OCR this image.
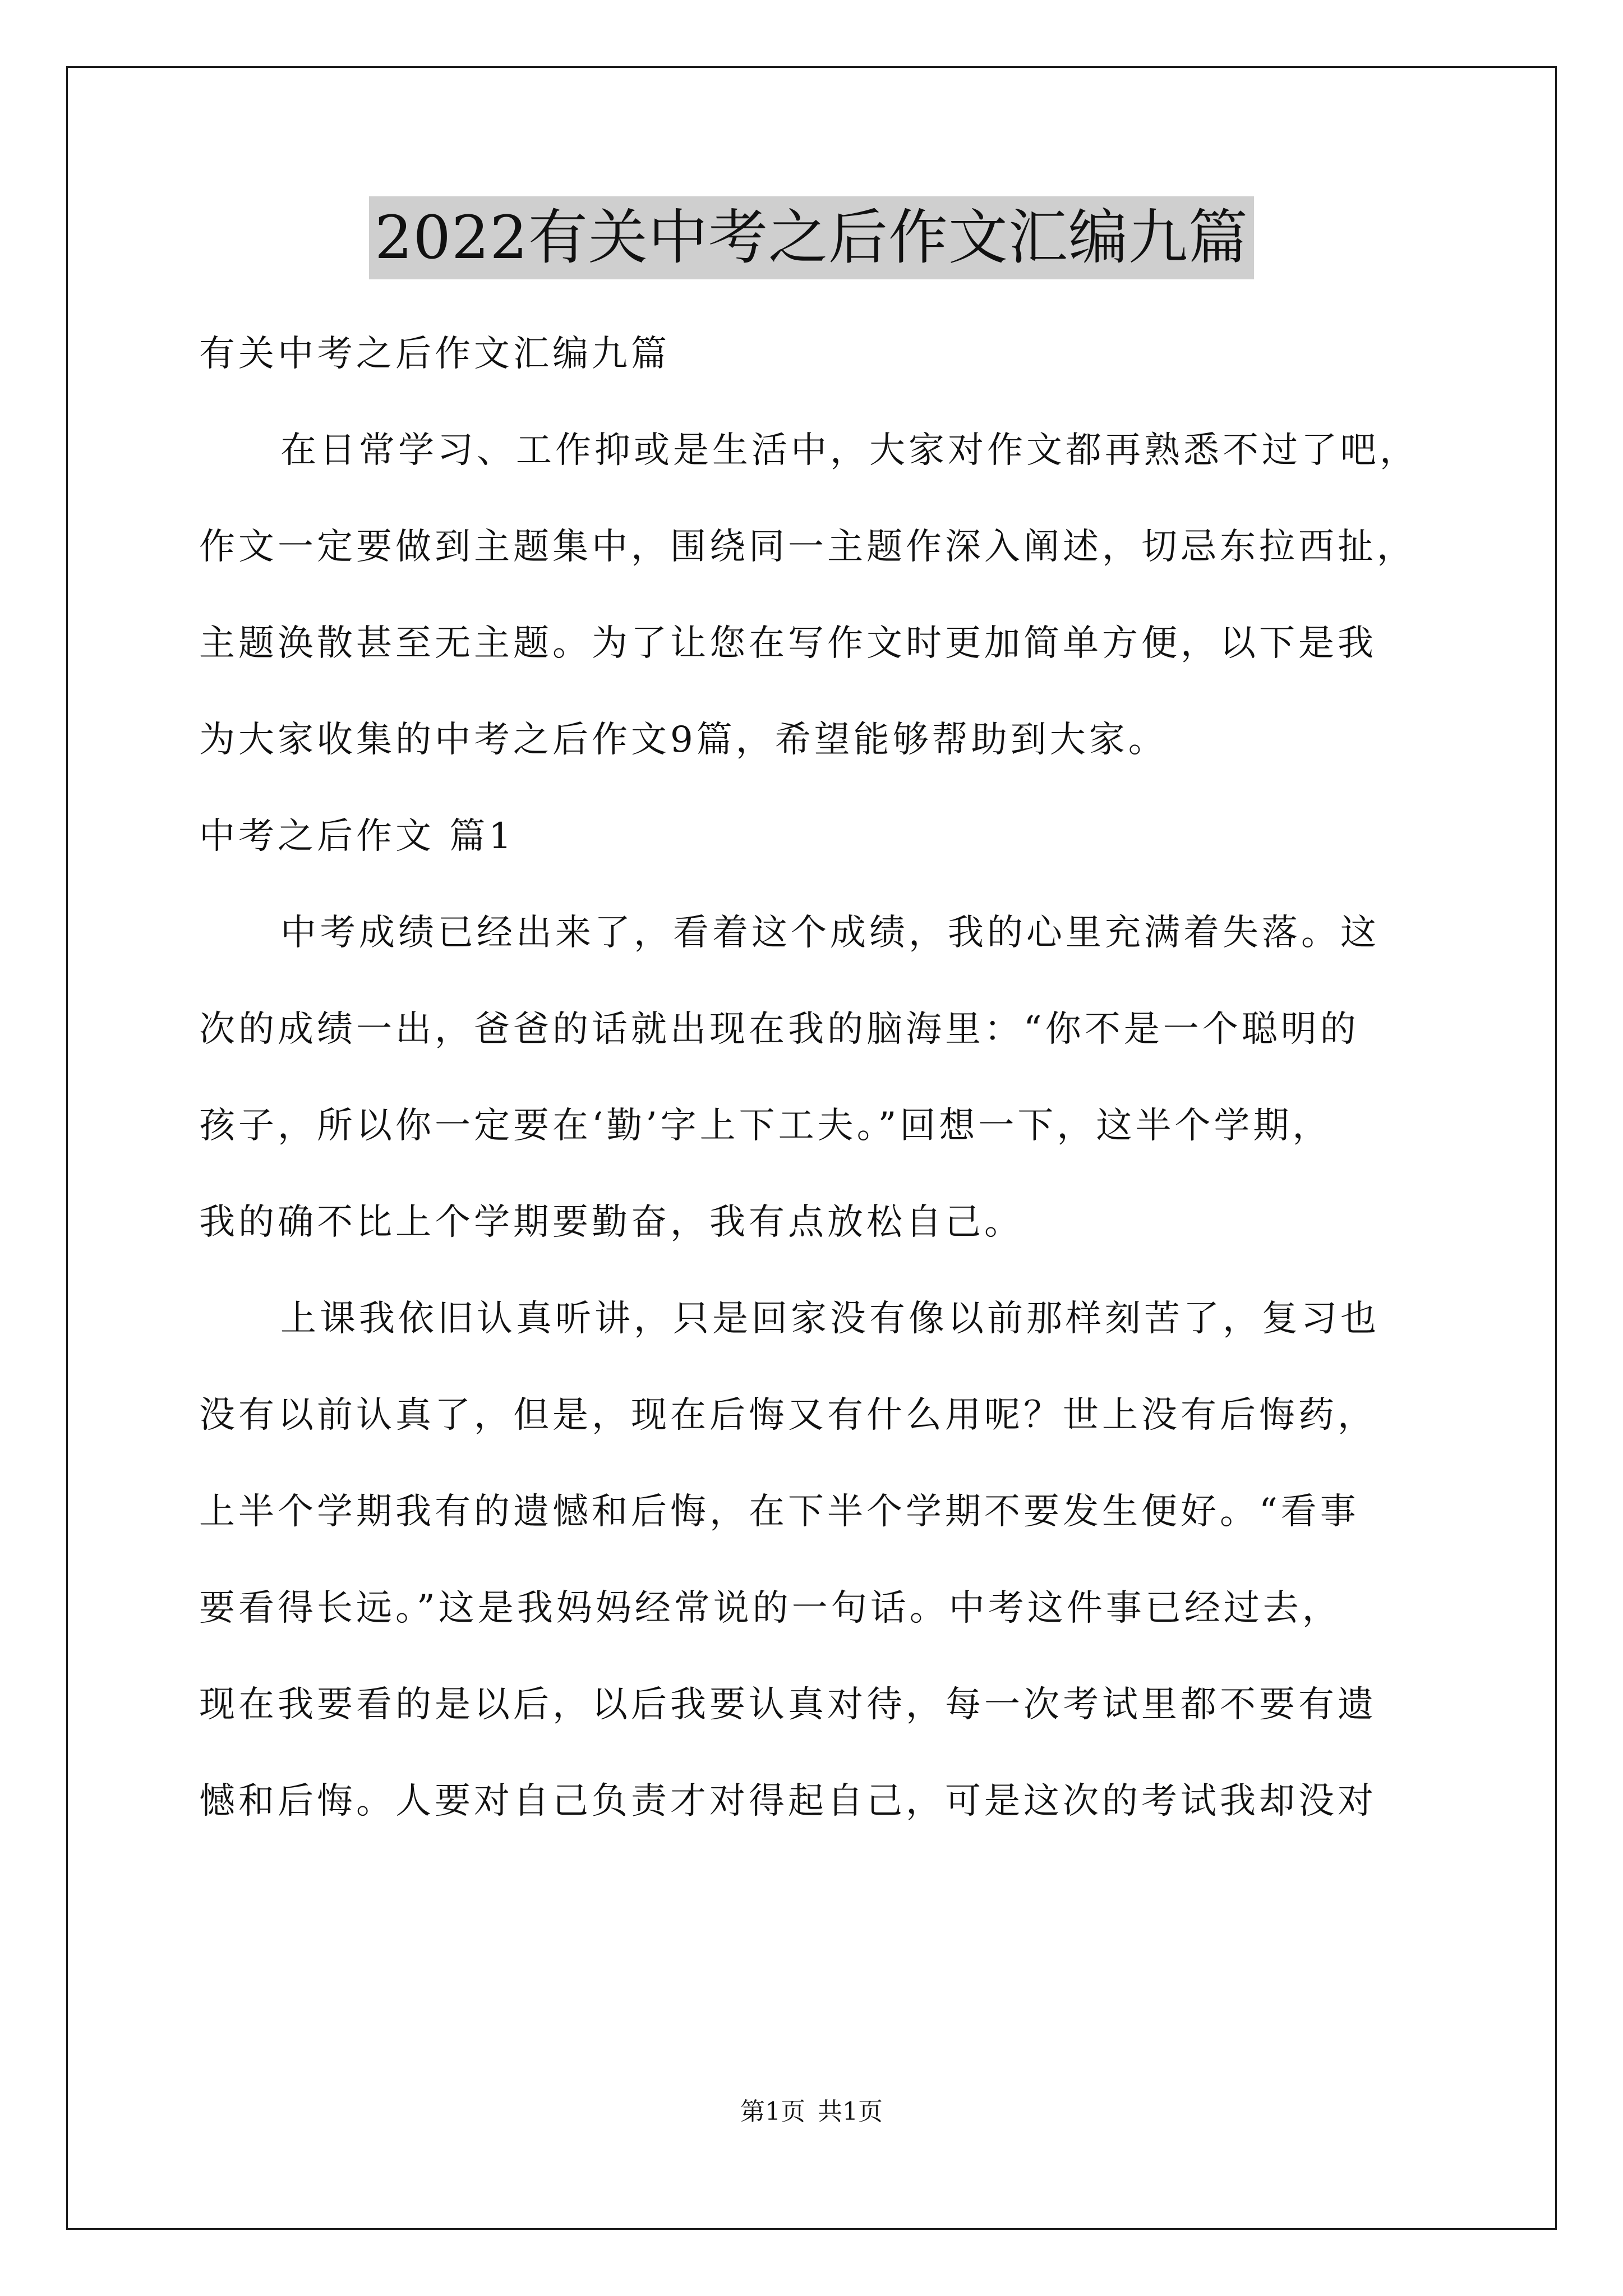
2022有关中考之后作文汇编九篇
有关中考之后作文汇编九篇
在日常学习、工作抑或是生活中，大家对作文都再熟悉不过了吧，
作文一定要做到主题集中，围绕同一主题作深入阐述，切忌东拉西扯，
主题涣散甚至无主题。为了让您在写作文时更加简单方便，以下是我
为大家收集的中考之后作文9篇，希望能够帮助到大家。
中考之后作文 篇1
中考成绩已经出来了，看着这个成绩，我的心里充满着失落。这
次的成绩一出，爸爸的话就出现在我的脑海里：“你不是一个聪明的
孩子，所以你一定要在‘勤’字上下工夫。”回想一下，这半个学期，
我的确不比上个学期要勤奋，我有点放松自己。
上课我依旧认真听讲，只是回家没有像以前那样刻苦了，复习也
没有以前认真了，但是，现在后悔又有什么用呢？世上没有后悔药，
上半个学期我有的遗憾和后悔，在下半个学期不要发生便好。“看事
要看得长远。”这是我妈妈经常说的一句话。中考这件事已经过去，
现在我要看的是以后，以后我要认真对待，每一次考试里都不要有遗
憾和后悔。人要对自己负责才对得起自己，可是这次的考试我却没对
第1页 共1页
